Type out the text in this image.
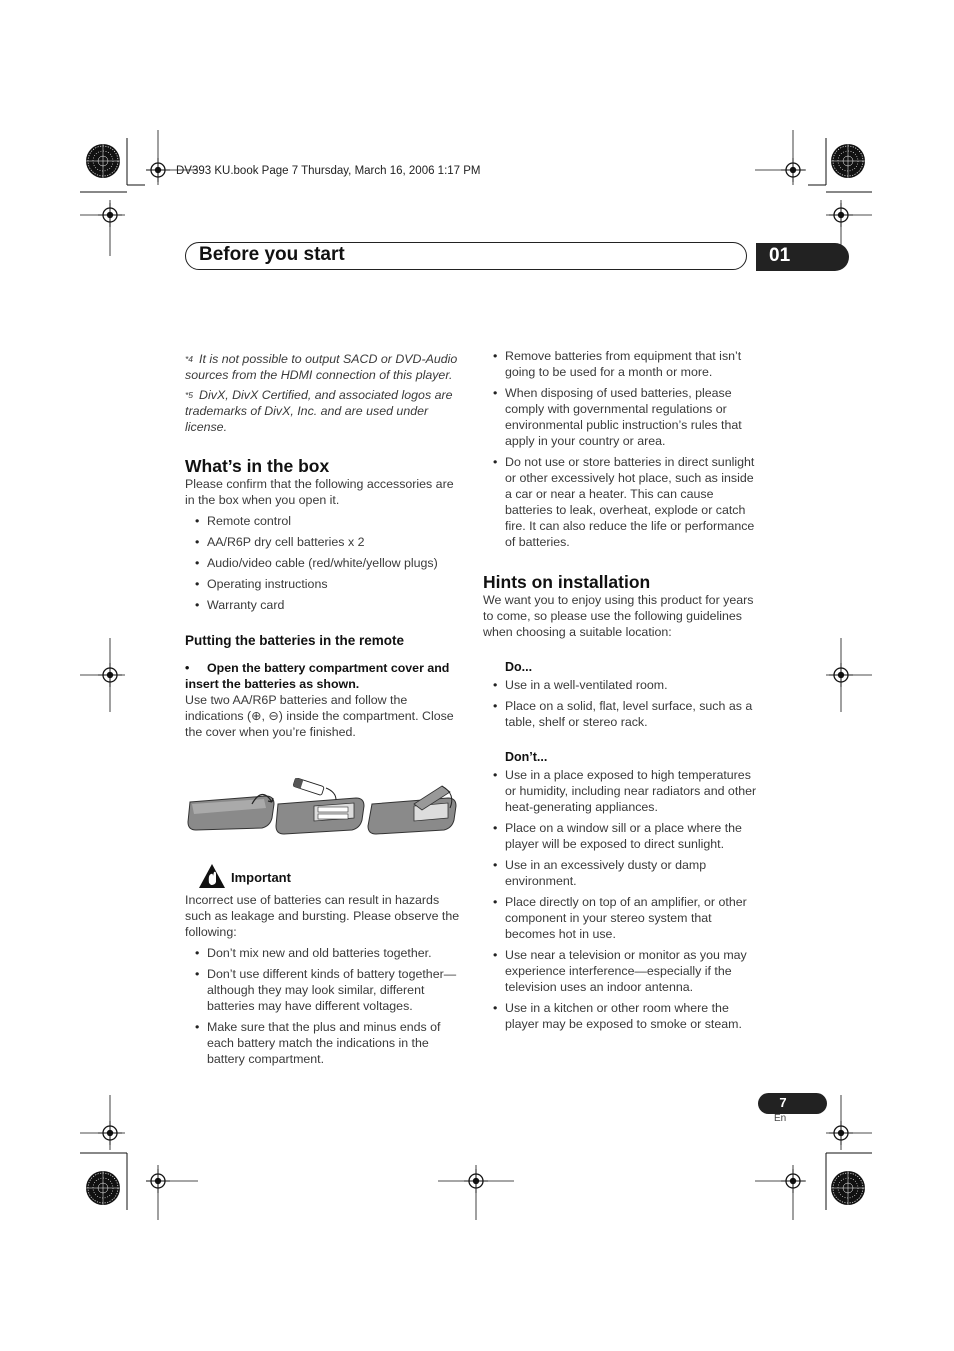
DV393 KU.book Page 7 Thursday, March 16, 2006 1:17 PM
Before you start	01

$^{*4}$ It is not possible to output SACD or DVD-Audio sources from the HDMI connection of this player.

$^{*5}$ DivX, DivX Certified, and associated logos are trademarks of DivX, Inc. and are used under license.

What’s in the box

Please confirm that the following accessories are in the box when you open it.

• Remote control
• AA/R6P dry cell batteries x 2
• Audio/video cable (red/white/yellow plugs)
• Operating instructions
• Warranty card
Putting the batteries in the remote

• Open the battery compartment cover and insert the batteries as shown.

Use two AA/R6P batteries and follow the indications (⊕, ⊖) inside the compartment. Close the cover when you’re finished.

Important

Incorrect use of batteries can result in hazards such as leakage and bursting. Please observe the following:

• Don’t mix new and old batteries together.
• Don’t use different kinds of battery together—although they may look similar, different batteries may have different voltages.
• Make sure that the plus and minus ends of each battery match the indications in the battery compartment.
• Remove batteries from equipment that isn’t going to be used for a month or more.
• When disposing of used batteries, please comply with governmental regulations or environmental public instruction’s rules that apply in your country or area.
• Do not use or store batteries in direct sunlight or other excessively hot place, such as inside a car or near a heater. This can cause batteries to leak, overheat, explode or catch fire. It can also reduce the life or performance of batteries.
Hints on installation

We want you to enjoy using this product for years to come, so please use the following guidelines when choosing a suitable location:

Do...
• Use in a well-ventilated room.
• Place on a solid, flat, level surface, such as a table, shelf or stereo rack.
Don’t...
• Use in a place exposed to high temperatures or humidity, including near radiators and other heat-generating appliances.
• Place on a window sill or a place where the player will be exposed to direct sunlight.
• Use in an excessively dusty or damp environment.
• Place directly on top of an amplifier, or other component in your stereo system that becomes hot in use.
• Use near a television or monitor as you may experience interference—especially if the television uses an indoor antenna.
• Use in a kitchen or other room where the player may be exposed to smoke or steam.
7
En
